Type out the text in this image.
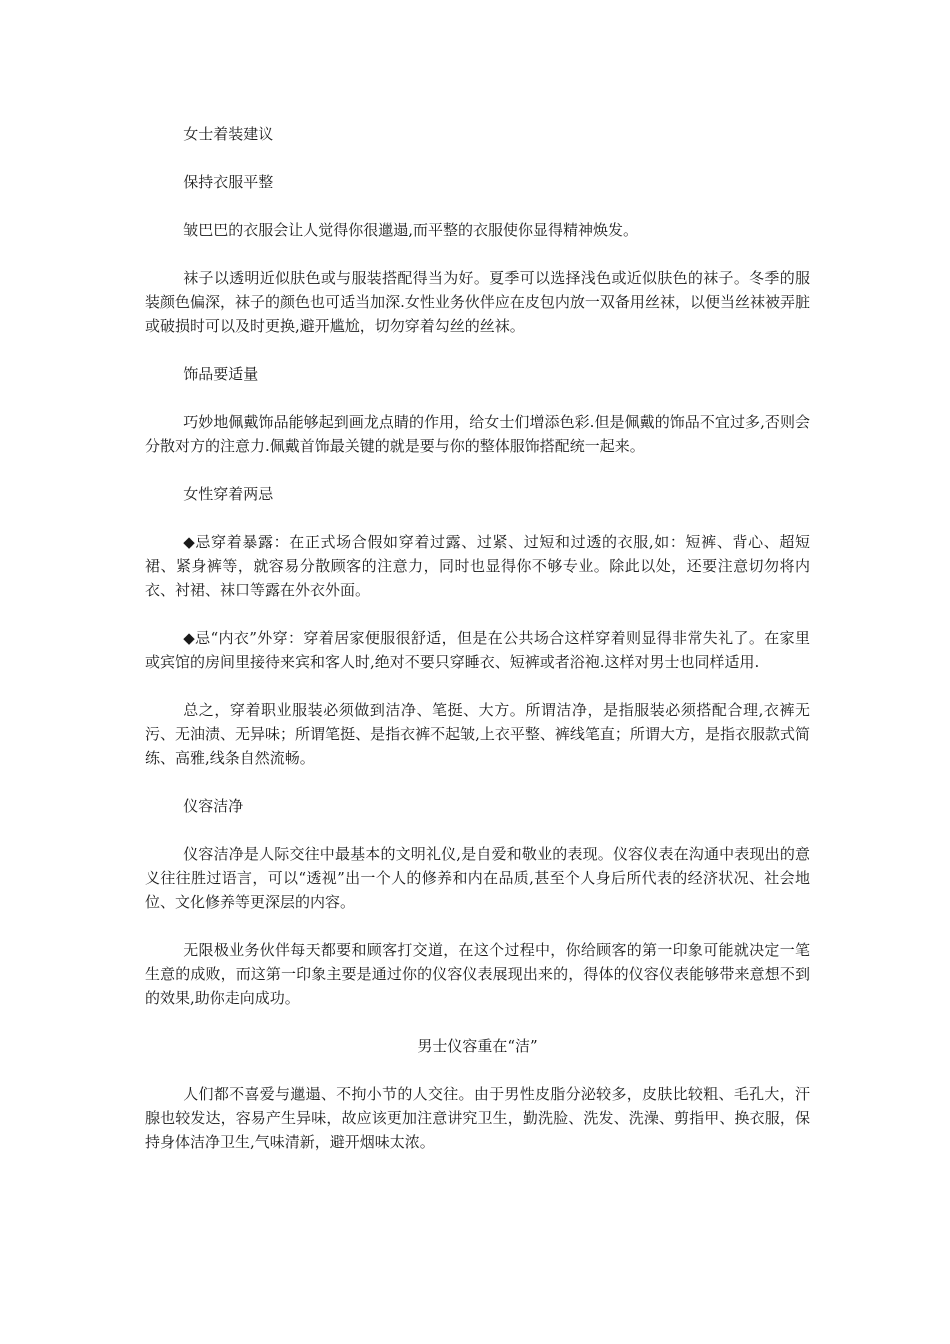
女士着装建议

保持衣服平整

皱巴巴的衣服会让人觉得你很邋遢,而平整的衣服使你显得精神焕发。

袜子以透明近似肤色或与服装搭配得当为好。夏季可以选择浅色或近似肤色的袜子。冬季的服装颜色偏深，袜子的颜色也可适当加深.女性业务伙伴应在皮包内放一双备用丝袜，以便当丝袜被弄脏或破损时可以及时更换,避开尴尬，切勿穿着勾丝的丝袜。

饰品要适量

巧妙地佩戴饰品能够起到画龙点睛的作用，给女士们增添色彩.但是佩戴的饰品不宜过多,否则会分散对方的注意力.佩戴首饰最关键的就是要与你的整体服饰搭配统一起来。

女性穿着两忌

◆忌穿着暴露：在正式场合假如穿着过露、过紧、过短和过透的衣服,如：短裤、背心、超短裙、紧身裤等，就容易分散顾客的注意力，同时也显得你不够专业。除此以处，还要注意切勿将内衣、衬裙、袜口等露在外衣外面。

◆忌“内衣”外穿：穿着居家便服很舒适，但是在公共场合这样穿着则显得非常失礼了。在家里或宾馆的房间里接待来宾和客人时,绝对不要只穿睡衣、短裤或者浴袍.这样对男士也同样适用.

总之，穿着职业服装必须做到洁净、笔挺、大方。所谓洁净，是指服装必须搭配合理,衣裤无污、无油渍、无异味；所谓笔挺、是指衣裤不起皱,上衣平整、裤线笔直；所谓大方，是指衣服款式简练、高雅,线条自然流畅。

仪容洁净

仪容洁净是人际交往中最基本的文明礼仪,是自爱和敬业的表现。仪容仪表在沟通中表现出的意义往往胜过语言，可以“透视”出一个人的修养和内在品质,甚至个人身后所代表的经济状况、社会地位、文化修养等更深层的内容。

无限极业务伙伴每天都要和顾客打交道，在这个过程中，你给顾客的第一印象可能就决定一笔生意的成败，而这第一印象主要是通过你的仪容仪表展现出来的，得体的仪容仪表能够带来意想不到的效果,助你走向成功。

男士仪容重在“洁”

人们都不喜爱与邋遢、不拘小节的人交往。由于男性皮脂分泌较多，皮肤比较粗、毛孔大，汗腺也较发达，容易产生异味，故应该更加注意讲究卫生，勤洗脸、洗发、洗澡、剪指甲、换衣服，保持身体洁净卫生,气味清新，避开烟味太浓。
